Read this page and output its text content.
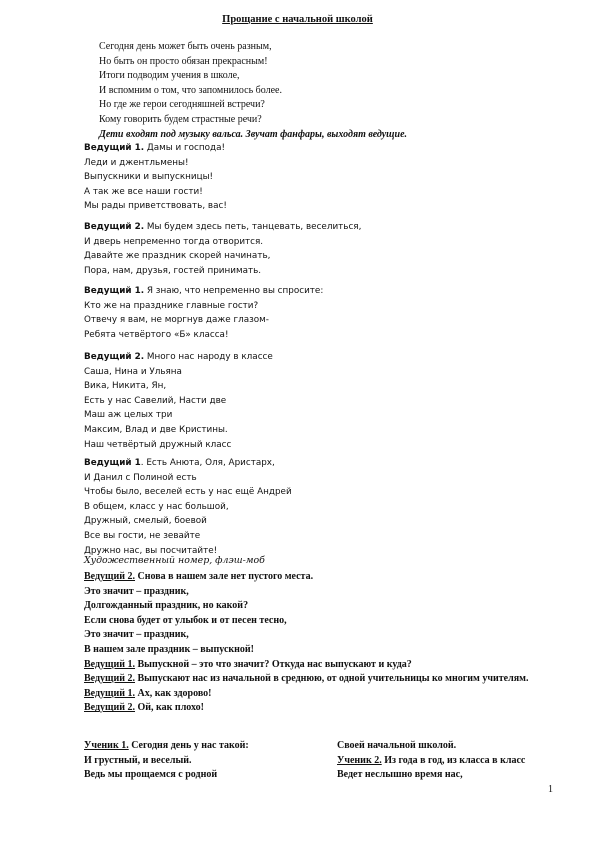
Прощание с начальной школой
Сегодня день может быть очень разным,
Но быть он просто обязан прекрасным!
Итоги подводим учения в школе,
И вспомним о том, что запомнилось более.
Но где же герои сегодняшней встречи?
Кому говорить будем страстные речи?
Дети входят под музыку вальса. Звучат фанфары, выходят ведущие.
Ведущий 1. Дамы и господа!
Леди и джентльмены!
Выпускники и выпускницы!
А так же все наши гости!
Мы рады приветствовать, вас!
Ведущий 2. Мы будем здесь петь, танцевать, веселиться,
И дверь непременно тогда отворится.
Давайте же праздник скорей начинать,
Пора, нам, друзья, гостей принимать.
Ведущий 1. Я знаю, что непременно вы спросите:
Кто же на празднике главные гости?
Отвечу я вам, не моргнув даже глазом-
Ребята четвёртого «Б» класса!
Ведущий 2. Много нас народу в классе
Саша, Нина и Ульяна
Вика, Никита, Ян,
Есть у нас Савелий, Насти две
Маш аж целых три
Максим, Влад и две Кристины.
Наш четвёртый дружный класс
Ведущий 1. Есть Анюта, Оля, Аристарх,
И Данил с Полиной есть
Чтобы было, веселей есть у нас ещё Андрей
В общем, класс у нас большой,
Дружный, смелый, боевой
Все вы гости, не зевайте
Дружно нас, вы посчитайте!
Художественный номер, флэш-моб
Ведущий 2. Снова в нашем зале нет пустого места.
Это значит – праздник,
Долгожданный праздник, но какой?
Если снова будет от улыбок и от песен тесно,
Это значит – праздник,
В нашем зале праздник – выпускной!
Ведущий 1. Выпускной – это что значит? Откуда нас выпускают и куда?
Ведущий 2. Выпускают нас из начальной в среднюю, от одной учительницы ко многим учителям.
Ведущий 1. Ах, как здорово!
Ведущий 2. Ой, как плохо!
Ученик 1. Сегодня день у нас такой:
И грустный, и веселый.
Ведь мы прощаемся с родной
Своей начальной школой.
Ученик 2. Из года в год, из класса в класс
Ведет неслышно время нас,
1
